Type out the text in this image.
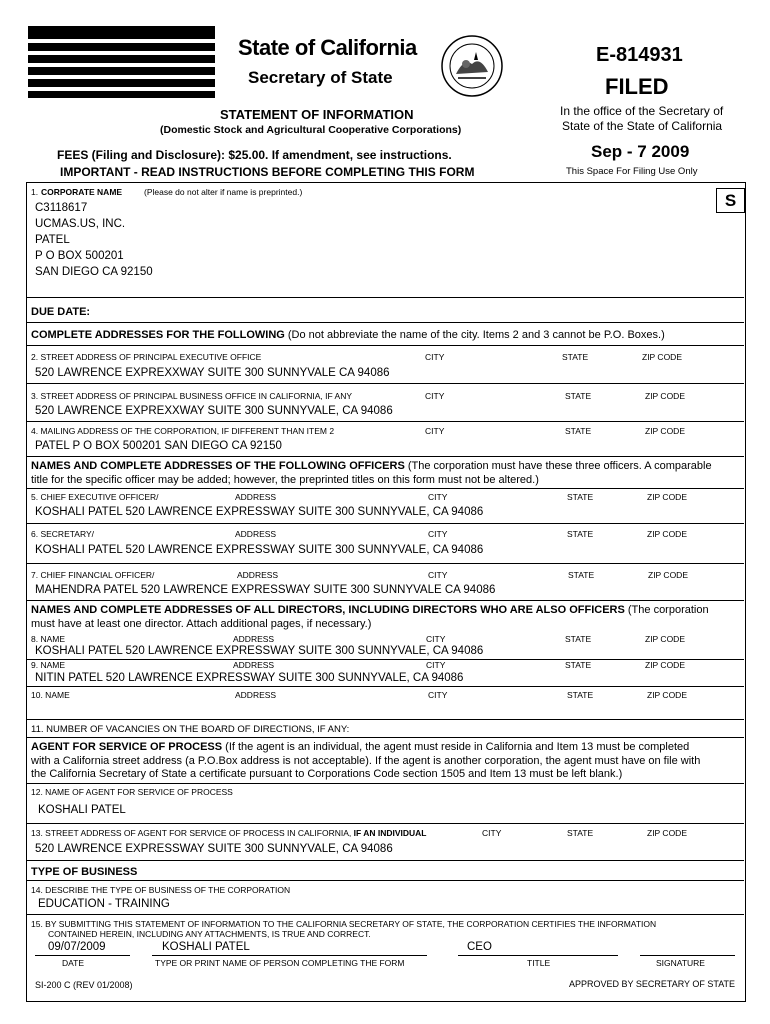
State of California
Secretary of State
E-814931
FILED
In the office of the Secretary of
State of the State of California
Sep - 7 2009
This Space For Filing Use Only
STATEMENT OF INFORMATION
(Domestic Stock and Agricultural Cooperative Corporations)
FEES (Filing and Disclosure): $25.00. If amendment, see instructions.
IMPORTANT - READ INSTRUCTIONS BEFORE COMPLETING THIS FORM
1. CORPORATE NAME	(Please do not alter if name is preprinted.)	S
C3118617
UCMAS.US, INC.
PATEL
P O BOX 500201
SAN DIEGO CA 92150
DUE DATE:
COMPLETE ADDRESSES FOR THE FOLLOWING (Do not abbreviate the name of the city. Items 2 and 3 cannot be P.O. Boxes.)
2. STREET ADDRESS OF PRINCIPAL EXECUTIVE OFFICE	CITY	STATE	ZIP CODE
520 LAWRENCE EXPREXXWAY SUITE 300 SUNNYVALE CA 94086
3. STREET ADDRESS OF PRINCIPAL BUSINESS OFFICE IN CALIFORNIA, IF ANY	CITY	STATE	ZIP CODE
520 LAWRENCE EXPREXXWAY SUITE 300 SUNNYVALE, CA 94086
4. MAILING ADDRESS OF THE CORPORATION, IF DIFFERENT THAN ITEM 2	CITY	STATE	ZIP CODE
PATEL P O BOX 500201 SAN DIEGO CA 92150
NAMES AND COMPLETE ADDRESSES OF THE FOLLOWING OFFICERS (The corporation must have these three officers. A comparable
title for the specific officer may be added; however, the preprinted titles on this form must not be altered.)
5. CHIEF EXECUTIVE OFFICER/	ADDRESS	CITY	STATE	ZIP CODE
KOSHALI PATEL 520 LAWRENCE EXPRESSWAY SUITE 300 SUNNYVALE, CA 94086
6. SECRETARY/	ADDRESS	CITY	STATE	ZIP CODE
KOSHALI PATEL 520 LAWRENCE EXPRESSWAY SUITE 300 SUNNYVALE, CA 94086
7. CHIEF FINANCIAL OFFICER/	ADDRESS	CITY	STATE	ZIP CODE
MAHENDRA PATEL 520 LAWRENCE EXPRESSWAY SUITE 300 SUNNYVALE CA 94086
NAMES AND COMPLETE ADDRESSES OF ALL DIRECTORS, INCLUDING DIRECTORS WHO ARE ALSO OFFICERS (The corporation
must have at least one director. Attach additional pages, if necessary.)
8. NAME	ADDRESS	CITY	STATE	ZIP CODE
KOSHALI PATEL 520 LAWRENCE EXPRESSWAY SUITE 300 SUNNYVALE, CA 94086
9. NAME	ADDRESS	CITY	STATE	ZIP CODE
NITIN PATEL 520 LAWRENCE EXPRESSWAY SUITE 300 SUNNYVALE, CA 94086
10. NAME	ADDRESS	CITY	STATE	ZIP CODE
11. NUMBER OF VACANCIES ON THE BOARD OF DIRECTIONS, IF ANY:
AGENT FOR SERVICE OF PROCESS (If the agent is an individual, the agent must reside in California and Item 13 must be completed
with a California street address (a P.O.Box address is not acceptable). If the agent is another corporation, the agent must have on file with
the California Secretary of State a certificate pursuant to Corporations Code section 1505 and Item 13 must be left blank.)
12. NAME OF AGENT FOR SERVICE OF PROCESS
KOSHALI PATEL
13. STREET ADDRESS OF AGENT FOR SERVICE OF PROCESS IN CALIFORNIA, IF AN INDIVIDUAL	CITY	STATE	ZIP CODE
520 LAWRENCE EXPRESSWAY SUITE 300 SUNNYVALE, CA 94086
TYPE OF BUSINESS
14. DESCRIBE THE TYPE OF BUSINESS OF THE CORPORATION
EDUCATION - TRAINING
15. BY SUBMITTING THIS STATEMENT OF INFORMATION TO THE CALIFORNIA SECRETARY OF STATE, THE CORPORATION CERTIFIES THE INFORMATION
CONTAINED HEREIN, INCLUDING ANY ATTACHMENTS, IS TRUE AND CORRECT.
09/07/2009	KOSHALI PATEL	CEO
DATE	TYPE OR PRINT NAME OF PERSON COMPLETING THE FORM	TITLE	SIGNATURE
SI-200 C (REV 01/2008)	APPROVED BY SECRETARY OF STATE
